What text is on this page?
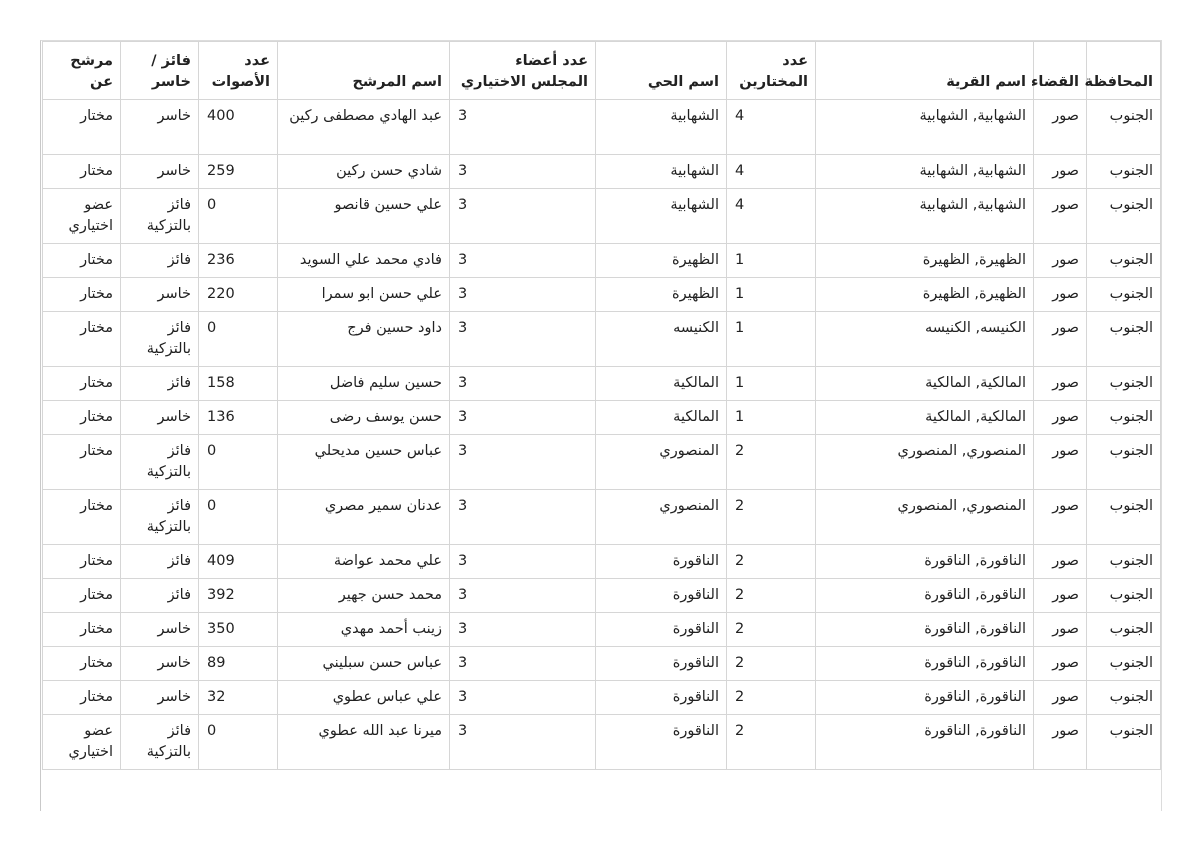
المحافظة	القضاء	اسم القرية	عدد المختارين	اسم الحي	عدد أعضاء المجلس الاختياري	اسم المرشح	عدد الأصوات	فائز / خاسر	مرشح عن
الجنوب	صور	الشهابية, الشهابية	4	الشهابية	3	عبد الهادي مصطفى ركين	400	خاسر	مختار
الجنوب	صور	الشهابية, الشهابية	4	الشهابية	3	شادي حسن ركين	259	خاسر	مختار
الجنوب	صور	الشهابية, الشهابية	4	الشهابية	3	علي حسين قانصو	0	فائز بالتزكية	عضو اختياري
الجنوب	صور	الظهيرة, الظهيرة	1	الظهيرة	3	فادي محمد علي السويد	236	فائز	مختار
الجنوب	صور	الظهيرة, الظهيرة	1	الظهيرة	3	علي حسن ابو سمرا	220	خاسر	مختار
الجنوب	صور	الكنيسه, الكنيسه	1	الكنيسه	3	داود حسين فرج	0	فائز بالتزكية	مختار
الجنوب	صور	المالكية, المالكية	1	المالكية	3	حسين سليم فاضل	158	فائز	مختار
الجنوب	صور	المالكية, المالكية	1	المالكية	3	حسن يوسف رضى	136	خاسر	مختار
الجنوب	صور	المنصوري, المنصوري	2	المنصوري	3	عباس حسين مديحلي	0	فائز بالتزكية	مختار
الجنوب	صور	المنصوري, المنصوري	2	المنصوري	3	عدنان سمير مصري	0	فائز بالتزكية	مختار
الجنوب	صور	الناقورة, الناقورة	2	الناقورة	3	علي محمد عواضة	409	فائز	مختار
الجنوب	صور	الناقورة, الناقورة	2	الناقورة	3	محمد حسن جهير	392	فائز	مختار
الجنوب	صور	الناقورة, الناقورة	2	الناقورة	3	زينب أحمد مهدي	350	خاسر	مختار
الجنوب	صور	الناقورة, الناقورة	2	الناقورة	3	عباس حسن سبليني	89	خاسر	مختار
الجنوب	صور	الناقورة, الناقورة	2	الناقورة	3	علي عباس عطوي	32	خاسر	مختار
الجنوب	صور	الناقورة, الناقورة	2	الناقورة	3	ميرنا عبد الله عطوي	0	فائز بالتزكية	عضو اختياري
